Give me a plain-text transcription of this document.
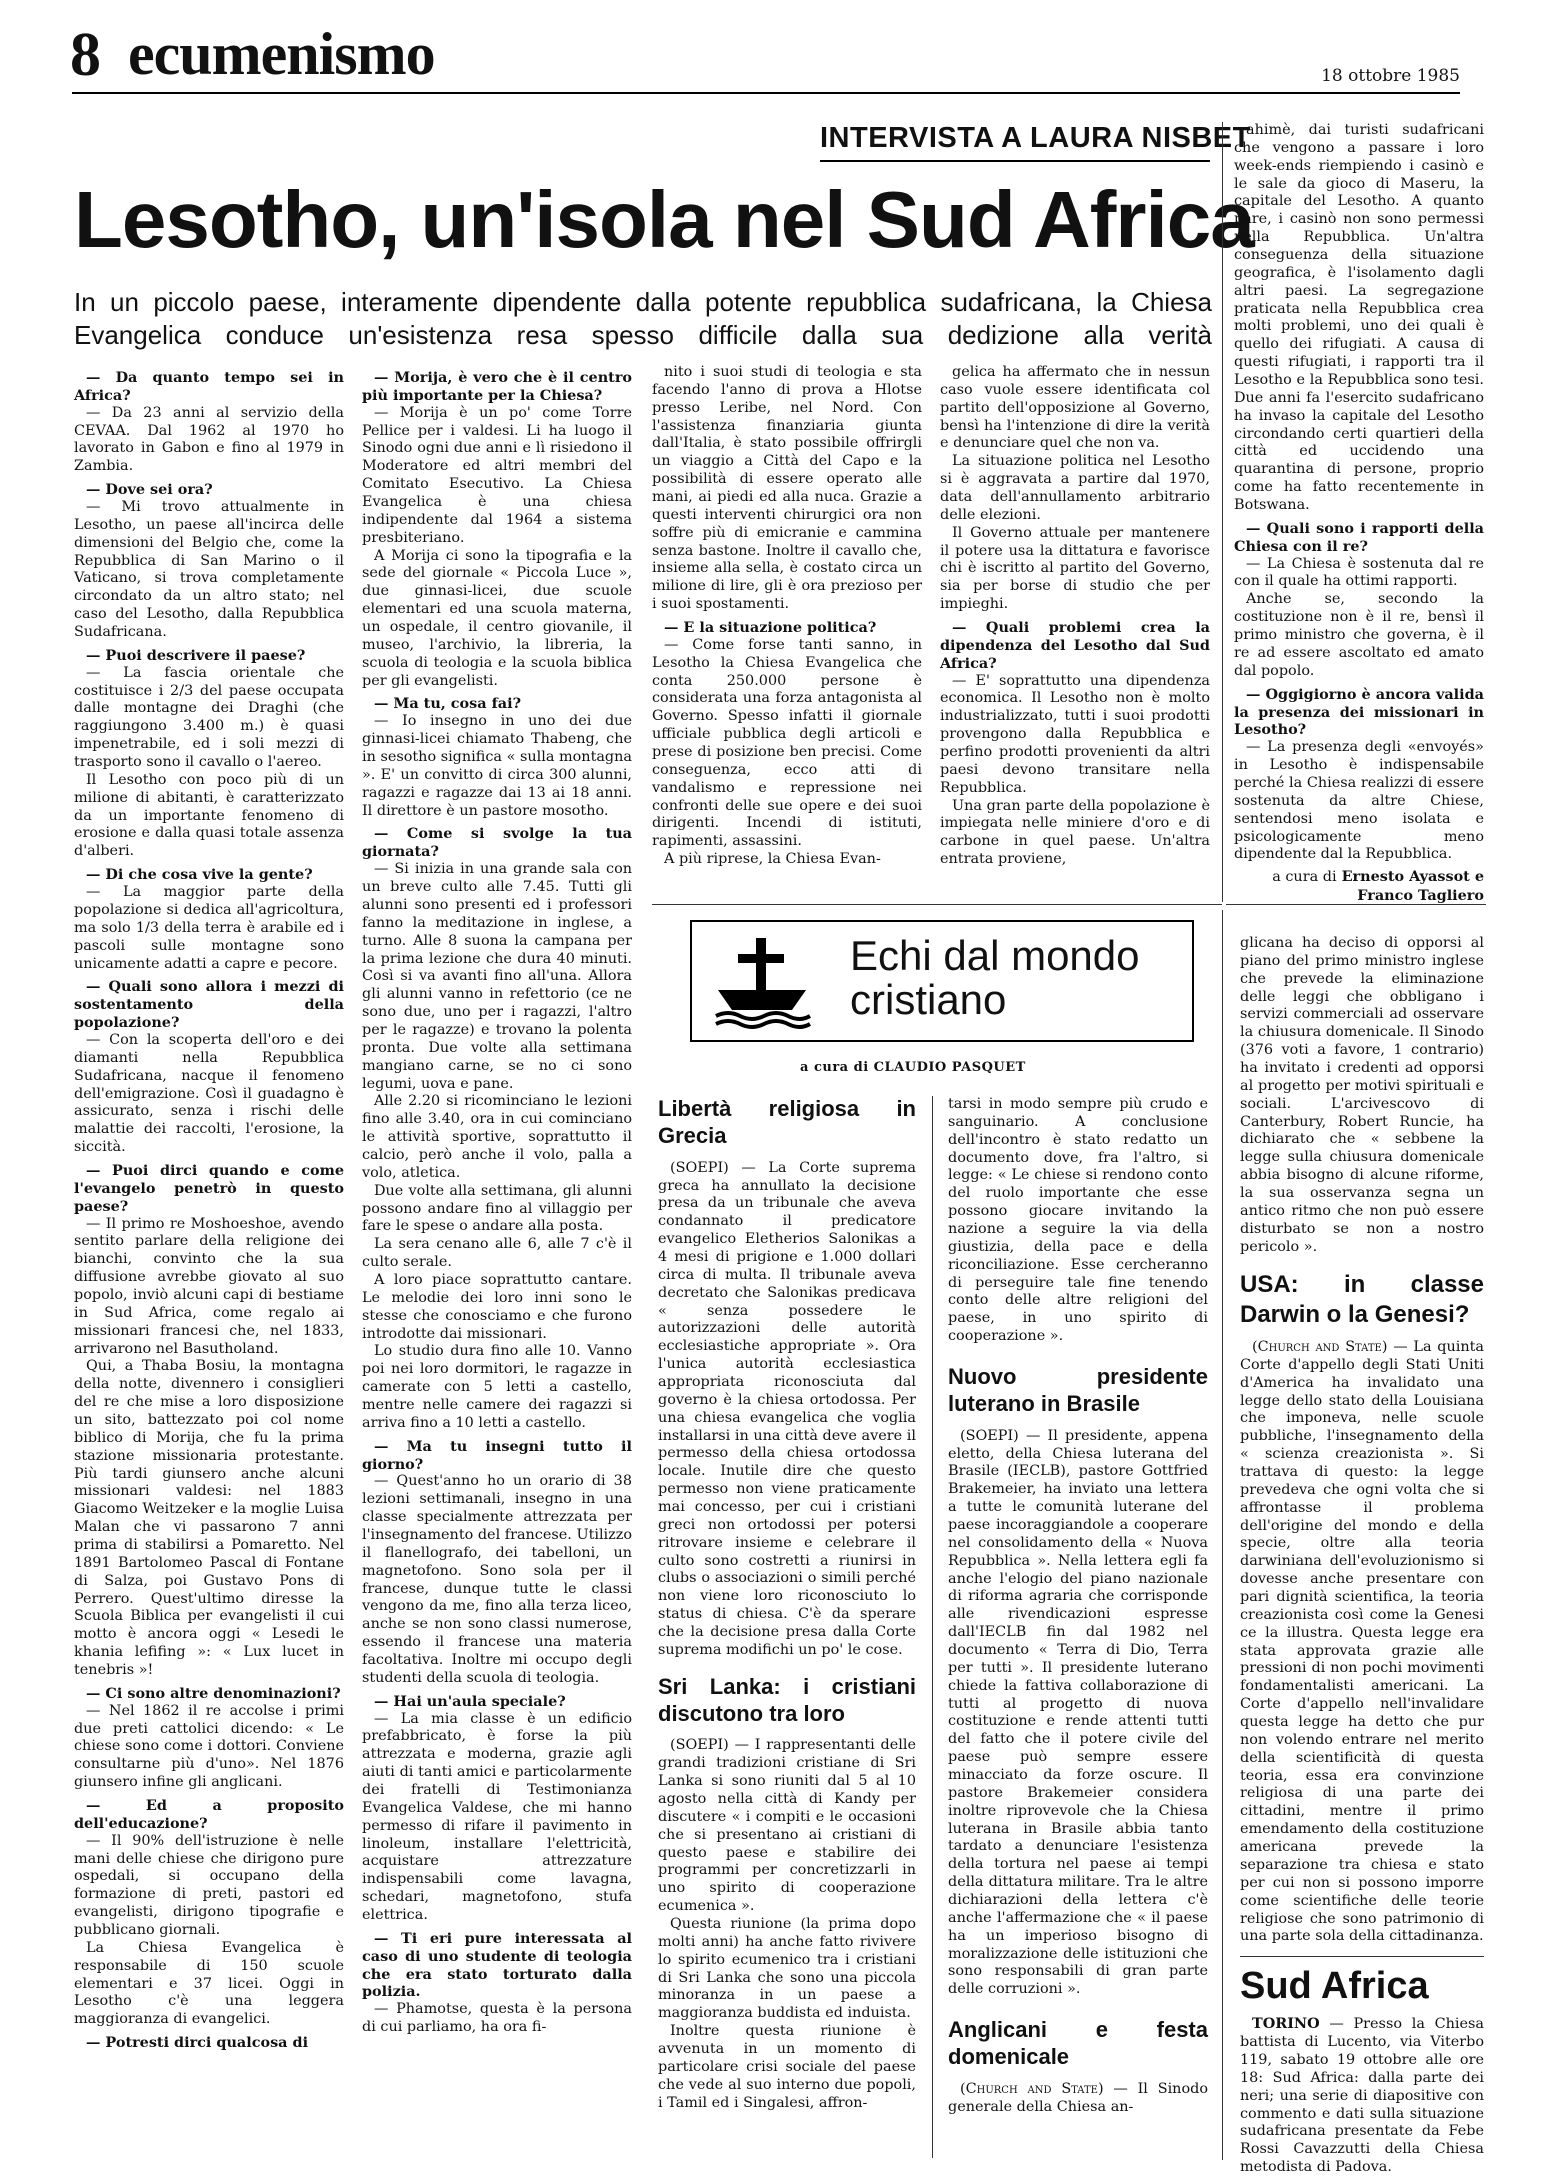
8 ecumenismo	18 ottobre 1985
INTERVISTA A LAURA NISBET
Lesotho, un'isola nel Sud Africa
In un piccolo paese, interamente dipendente dalla potente repubblica sudafricana, la Chiesa Evangelica conduce un'esistenza resa spesso difficile dalla sua dedizione alla verità

— Da quanto tempo sei in Africa?

— Da 23 anni al servizio della CEVAA. Dal 1962 al 1970 ho lavorato in Gabon e fino al 1979 in Zambia.

— Dove sei ora?

— Mi trovo attualmente in Lesotho, un paese all'incirca delle dimensioni del Belgio che, come la Repubblica di San Marino o il Vaticano, si trova completamente circondato da un altro stato; nel caso del Lesotho, dalla Repubblica Sudafricana.

— Puoi descrivere il paese?

— La fascia orientale che costituisce i 2/3 del paese occupata dalle montagne dei Draghi (che raggiungono 3.400 m.) è quasi impenetrabile, ed i soli mezzi di trasporto sono il cavallo o l'aereo.

Il Lesotho con poco più di un milione di abitanti, è caratterizzato da un importante fenomeno di erosione e dalla quasi totale assenza d'alberi.

— Di che cosa vive la gente?

— La maggior parte della popolazione si dedica all'agricoltura, ma solo 1/3 della terra è arabile ed i pascoli sulle montagne sono unicamente adatti a capre e pecore.

— Quali sono allora i mezzi di sostentamento della popolazione?

— Con la scoperta dell'oro e dei diamanti nella Repubblica Sudafricana, nacque il fenomeno dell'emigrazione. Così il guadagno è assicurato, senza i rischi delle malattie dei raccolti, l'erosione, la siccità.

— Puoi dirci quando e come l'evangelo penetrò in questo paese?

— Il primo re Moshoeshoe, avendo sentito parlare della religione dei bianchi, convinto che la sua diffusione avrebbe giovato al suo popolo, inviò alcuni capi di bestiame in Sud Africa, come regalo ai missionari francesi che, nel 1833, arrivarono nel Basutholand.

Qui, a Thaba Bosiu, la montagna della notte, divennero i consiglieri del re che mise a loro disposizione un sito, battezzato poi col nome biblico di Morija, che fu la prima stazione missionaria protestante. Più tardi giunsero anche alcuni missionari valdesi: nel 1883 Giacomo Weitzeker e la moglie Luisa Malan che vi passarono 7 anni prima di stabilirsi a Pomaretto. Nel 1891 Bartolomeo Pascal di Fontane di Salza, poi Gustavo Pons di Perrero. Quest'ultimo diresse la Scuola Biblica per evangelisti il cui motto è ancora oggi « Lesedi le khania lefifing »: « Lux lucet in tenebris »!

— Ci sono altre denominazioni?

— Nel 1862 il re accolse i primi due preti cattolici dicendo: « Le chiese sono come i dottori. Conviene consultarne più d'uno». Nel 1876 giunsero infine gli anglicani.

— Ed a proposito dell'educazione?

— Il 90% dell'istruzione è nelle mani delle chiese che dirigono pure ospedali, si occupano della formazione di preti, pastori ed evangelisti, dirigono tipografie e pubblicano giornali.

La Chiesa Evangelica è responsabile di 150 scuole elementari e 37 licei. Oggi in Lesotho c'è una leggera maggioranza di evangelici.

— Potresti dirci qualcosa di

— Morija, è vero che è il centro più importante per la Chiesa?

— Morija è un po' come Torre Pellice per i valdesi. Li ha luogo il Sinodo ogni due anni e lì risiedono il Moderatore ed altri membri del Comitato Esecutivo. La Chiesa Evangelica è una chiesa indipendente dal 1964 a sistema presbiteriano.

A Morija ci sono la tipografia e la sede del giornale « Piccola Luce », due ginnasi-licei, due scuole elementari ed una scuola materna, un ospedale, il centro giovanile, il museo, l'archivio, la libreria, la scuola di teologia e la scuola biblica per gli evangelisti.

— Ma tu, cosa fai?

— Io insegno in uno dei due ginnasi-licei chiamato Thabeng, che in sesotho significa « sulla montagna ». E' un convitto di circa 300 alunni, ragazzi e ragazze dai 13 ai 18 anni. Il direttore è un pastore mosotho.

— Come si svolge la tua giornata?

— Si inizia in una grande sala con un breve culto alle 7.45. Tutti gli alunni sono presenti ed i professori fanno la meditazione in inglese, a turno. Alle 8 suona la campana per la prima lezione che dura 40 minuti. Così si va avanti fino all'una. Allora gli alunni vanno in refettorio (ce ne sono due, uno per i ragazzi, l'altro per le ragazze) e trovano la polenta pronta. Due volte alla settimana mangiano carne, se no ci sono legumi, uova e pane.

Alle 2.20 si ricominciano le lezioni fino alle 3.40, ora in cui cominciano le attività sportive, soprattutto il calcio, però anche il volo, palla a volo, atletica.

Due volte alla settimana, gli alunni possono andare fino al villaggio per fare le spese o andare alla posta.

La sera cenano alle 6, alle 7 c'è il culto serale.

A loro piace soprattutto cantare. Le melodie dei loro inni sono le stesse che conosciamo e che furono introdotte dai missionari.

Lo studio dura fino alle 10. Vanno poi nei loro dormitori, le ragazze in camerate con 5 letti a castello, mentre nelle camere dei ragazzi si arriva fino a 10 letti a castello.

— Ma tu insegni tutto il giorno?

— Quest'anno ho un orario di 38 lezioni settimanali, insegno in una classe specialmente attrezzata per l'insegnamento del francese. Utilizzo il flanellografo, dei tabelloni, un magnetofono. Sono sola per il francese, dunque tutte le classi vengono da me, fino alla terza liceo, anche se non sono classi numerose, essendo il francese una materia facoltativa. Inoltre mi occupo degli studenti della scuola di teologia.

— Hai un'aula speciale?

— La mia classe è un edificio prefabbricato, è forse la più attrezzata e moderna, grazie agli aiuti di tanti amici e particolarmente dei fratelli di Testimonianza Evangelica Valdese, che mi hanno permesso di rifare il pavimento in linoleum, installare l'elettricità, acquistare attrezzature indispensabili come lavagna, schedari, magnetofono, stufa elettrica.

— Ti eri pure interessata al caso di uno studente di teologia che era stato torturato dalla polizia.

— Phamotse, questa è la persona di cui parliamo, ha ora fi-

nito i suoi studi di teologia e sta facendo l'anno di prova a Hlotse presso Leribe, nel Nord. Con l'assistenza finanziaria giunta dall'Italia, è stato possibile offrirgli un viaggio a Città del Capo e la possibilità di essere operato alle mani, ai piedi ed alla nuca. Grazie a questi interventi chirurgici ora non soffre più di emicranie e cammina senza bastone. Inoltre il cavallo che, insieme alla sella, è costato circa un milione di lire, gli è ora prezioso per i suoi spostamenti.

— E la situazione politica?

— Come forse tanti sanno, in Lesotho la Chiesa Evangelica che conta 250.000 persone è considerata una forza antagonista al Governo. Spesso infatti il giornale ufficiale pubblica degli articoli e prese di posizione ben precisi. Come conseguenza, ecco atti di vandalismo e repressione nei confronti delle sue opere e dei suoi dirigenti. Incendi di istituti, rapimenti, assassini.

A più riprese, la Chiesa Evan-

gelica ha affermato che in nessun caso vuole essere identificata col partito dell'opposizione al Governo, bensì ha l'intenzione di dire la verità e denunciare quel che non va.

La situazione politica nel Lesotho si è aggravata a partire dal 1970, data dell'annullamento arbitrario delle elezioni.

Il Governo attuale per mantenere il potere usa la dittatura e favorisce chi è iscritto al partito del Governo, sia per borse di studio che per impieghi.

— Quali problemi crea la dipendenza del Lesotho dal Sud Africa?

— E' soprattutto una dipendenza economica. Il Lesotho non è molto industrializzato, tutti i suoi prodotti provengono dalla Repubblica e perfino prodotti provenienti da altri paesi devono transitare nella Repubblica.

Una gran parte della popolazione è impiegata nelle miniere d'oro e di carbone in quel paese. Un'altra entrata proviene,

ahimè, dai turisti sudafricani che vengono a passare i loro week-ends riempiendo i casinò e le sale da gioco di Maseru, la capitale del Lesotho. A quanto pare, i casinò non sono permessi nella Repubblica. Un'altra conseguenza della situazione geografica, è l'isolamento dagli altri paesi. La segregazione praticata nella Repubblica crea molti problemi, uno dei quali è quello dei rifugiati. A causa di questi rifugiati, i rapporti tra il Lesotho e la Repubblica sono tesi. Due anni fa l'esercito sudafricano ha invaso la capitale del Lesotho circondando certi quartieri della città ed uccidendo una quarantina di persone, proprio come ha fatto recentemente in Botswana.

— Quali sono i rapporti della Chiesa con il re?

— La Chiesa è sostenuta dal re con il quale ha ottimi rapporti.

Anche se, secondo la costituzione non è il re, bensì il primo ministro che governa, è il re ad essere ascoltato ed amato dal popolo.

— Oggigiorno è ancora valida la presenza dei missionari in Lesotho?

— La presenza degli «envoyés» in Lesotho è indispensabile perché la Chiesa realizzi di essere sostenuta da altre Chiese, sentendosi meno isolata e psicologicamente meno dipendente dal la Repubblica.

a cura di Ernesto Ayassot e Franco Tagliero

Echi dal mondo cristiano
a cura di CLAUDIO PASQUET
Libertà religiosa in Grecia

(SOEPI) — La Corte suprema greca ha annullato la decisione presa da un tribunale che aveva condannato il predicatore evangelico Eletherios Salonikas a 4 mesi di prigione e 1.000 dollari circa di multa. Il tribunale aveva decretato che Salonikas predicava « senza possedere le autorizzazioni delle autorità ecclesiastiche appropriate ». Ora l'unica autorità ecclesiastica appropriata riconosciuta dal governo è la chiesa ortodossa. Per una chiesa evangelica che voglia installarsi in una città deve avere il permesso della chiesa ortodossa locale. Inutile dire che questo permesso non viene praticamente mai concesso, per cui i cristiani greci non ortodossi per potersi ritrovare insieme e celebrare il culto sono costretti a riunirsi in clubs o associazioni o simili perché non viene loro riconosciuto lo status di chiesa. C'è da sperare che la decisione presa dalla Corte suprema modifichi un po' le cose.

Sri Lanka: i cristiani discutono tra loro

(SOEPI) — I rappresentanti delle grandi tradizioni cristiane di Sri Lanka si sono riuniti dal 5 al 10 agosto nella città di Kandy per discutere « i compiti e le occasioni che si presentano ai cristiani di questo paese e stabilire dei programmi per concretizzarli in uno spirito di cooperazione ecumenica ».

Questa riunione (la prima dopo molti anni) ha anche fatto rivivere lo spirito ecumenico tra i cristiani di Sri Lanka che sono una piccola minoranza in un paese a maggioranza buddista ed induista.

Inoltre questa riunione è avvenuta in un momento di particolare crisi sociale del paese che vede al suo interno due popoli, i Tamil ed i Singalesi, affron-

tarsi in modo sempre più crudo e sanguinario. A conclusione dell'incontro è stato redatto un documento dove, fra l'altro, si legge: « Le chiese si rendono conto del ruolo importante che esse possono giocare invitando la nazione a seguire la via della giustizia, della pace e della riconciliazione. Esse cercheranno di perseguire tale fine tenendo conto delle altre religioni del paese, in uno spirito di cooperazione ».

Nuovo presidente luterano in Brasile

(SOEPI) — Il presidente, appena eletto, della Chiesa luterana del Brasile (IECLB), pastore Gottfried Brakemeier, ha inviato una lettera a tutte le comunità luterane del paese incoraggiandole a cooperare nel consolidamento della « Nuova Repubblica ». Nella lettera egli fa anche l'elogio del piano nazionale di riforma agraria che corrisponde alle rivendicazioni espresse dall'IECLB fin dal 1982 nel documento « Terra di Dio, Terra per tutti ». Il presidente luterano chiede la fattiva collaborazione di tutti al progetto di nuova costituzione e rende attenti tutti del fatto che il potere civile del paese può sempre essere minacciato da forze oscure. Il pastore Brakemeier considera inoltre riprovevole che la Chiesa luterana in Brasile abbia tanto tardato a denunciare l'esistenza della tortura nel paese ai tempi della dittatura militare. Tra le altre dichiarazioni della lettera c'è anche l'affermazione che « il paese ha un imperioso bisogno di moralizzazione delle istituzioni che sono responsabili di gran parte delle corruzioni ».

Anglicani e festa domenicale

(Church and State) — Il Sinodo generale della Chiesa an-

glicana ha deciso di opporsi al piano del primo ministro inglese che prevede la eliminazione delle leggi che obbligano i servizi commerciali ad osservare la chiusura domenicale. Il Sinodo (376 voti a favore, 1 contrario) ha invitato i credenti ad opporsi al progetto per motivi spirituali e sociali. L'arcivescovo di Canterbury, Robert Runcie, ha dichiarato che « sebbene la legge sulla chiusura domenicale abbia bisogno di alcune riforme, la sua osservanza segna un antico ritmo che non può essere disturbato se non a nostro pericolo ».

USA: in classe Darwin o la Genesi?

(Church and State) — La quinta Corte d'appello degli Stati Uniti d'America ha invalidato una legge dello stato della Louisiana che imponeva, nelle scuole pubbliche, l'insegnamento della « scienza creazionista ». Si trattava di questo: la legge prevedeva che ogni volta che si affrontasse il problema dell'origine del mondo e della specie, oltre alla teoria darwiniana dell'evoluzionismo si dovesse anche presentare con pari dignità scientifica, la teoria creazionista così come la Genesi ce la illustra. Questa legge era stata approvata grazie alle pressioni di non pochi movimenti fondamentalisti americani. La Corte d'appello nell'invalidare questa legge ha detto che pur non volendo entrare nel merito della scientificità di questa teoria, essa era convinzione religiosa di una parte dei cittadini, mentre il primo emendamento della costituzione americana prevede la separazione tra chiesa e stato per cui non si possono imporre come scientifiche delle teorie religiose che sono patrimonio di una parte sola della cittadinanza.

Sud Africa

TORINO — Presso la Chiesa battista di Lucento, via Viterbo 119, sabato 19 ottobre alle ore 18: Sud Africa: dalla parte dei neri; una serie di diapositive con commento e dati sulla situazione sudafricana presentate da Febe Rossi Cavazzutti della Chiesa metodista di Padova.
